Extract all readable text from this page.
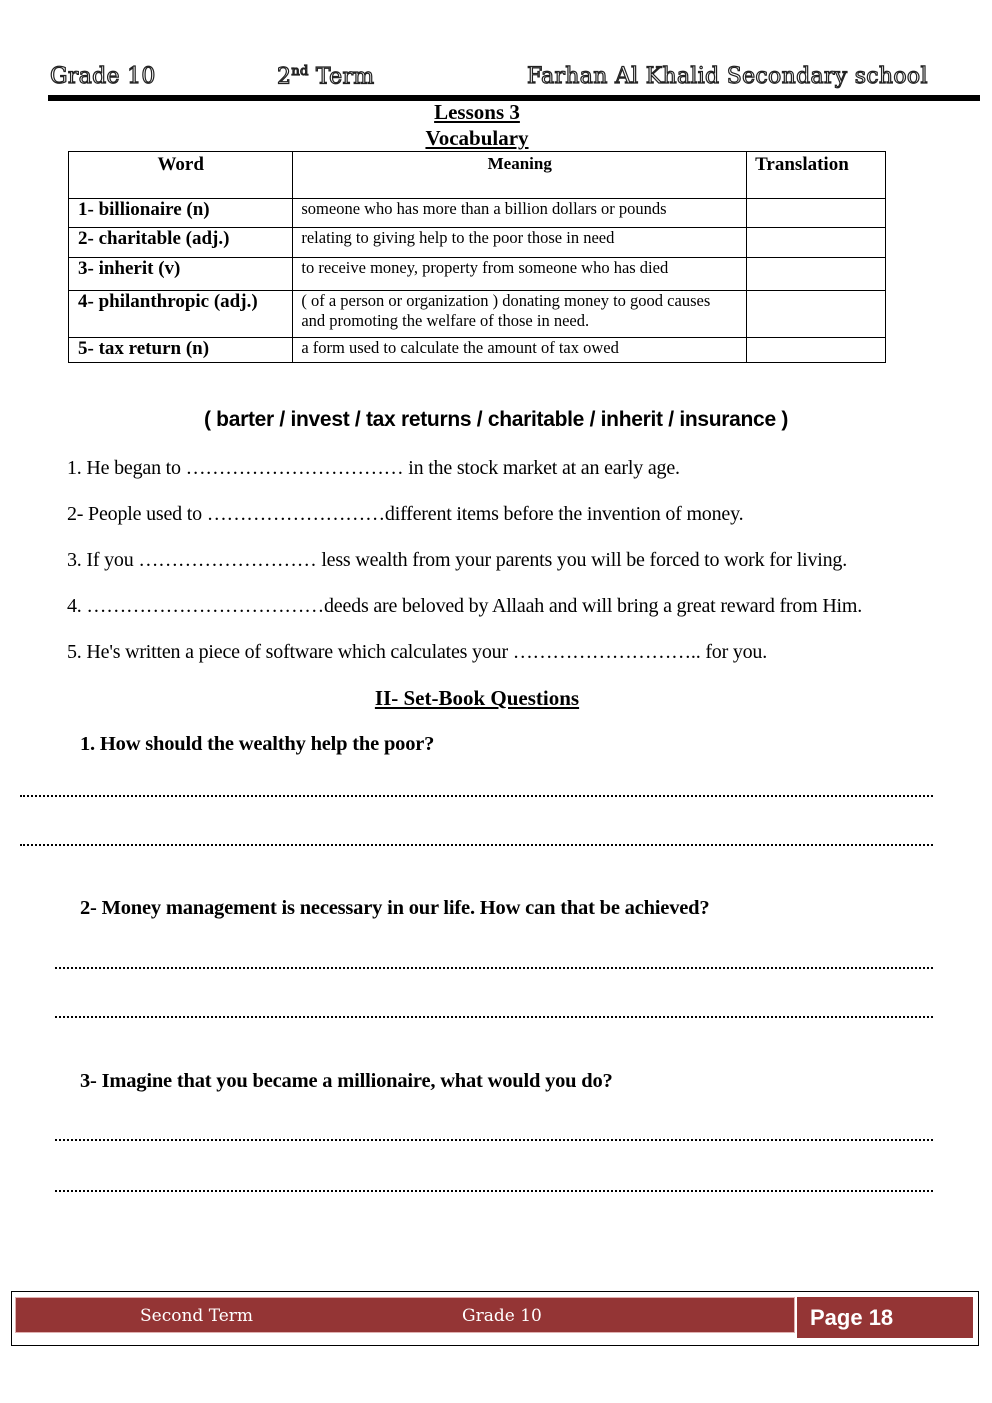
Grade 10	2nd Term	Farhan Al Khalid Secondary school
Lessons 3
Vocabulary
Word	Meaning	Translation
1- billionaire (n)	someone who has more than a billion dollars or pounds	
2- charitable (adj.)	relating to giving help to the poor those in need	
3- inherit (v)	to receive money, property from someone who has died	
4- philanthropic (adj.)	( of a person or organization ) donating money to good causes
and promoting the welfare of those in need.	

5- tax return (n)	a form used to calculate the amount of tax owed	
( barter / invest / tax returns / charitable / inherit / insurance )
1. He began to …………………………… in the stock market at an early age.
2- People used to ………………………different items before the invention of money.
3. If you ……………………… less wealth from your parents you will be forced to work for living.
4. ………………………………deeds are beloved by Allaah and will bring a great reward from Him.
5. He's written a piece of software which calculates your ……………………….. for you.
II- Set-Book Questions
1. How should the wealthy help the poor?
2- Money management is necessary in our life. How can that be achieved?
3- Imagine that you became a millionaire, what would you do?
Second Term	Grade 10	Page 18
